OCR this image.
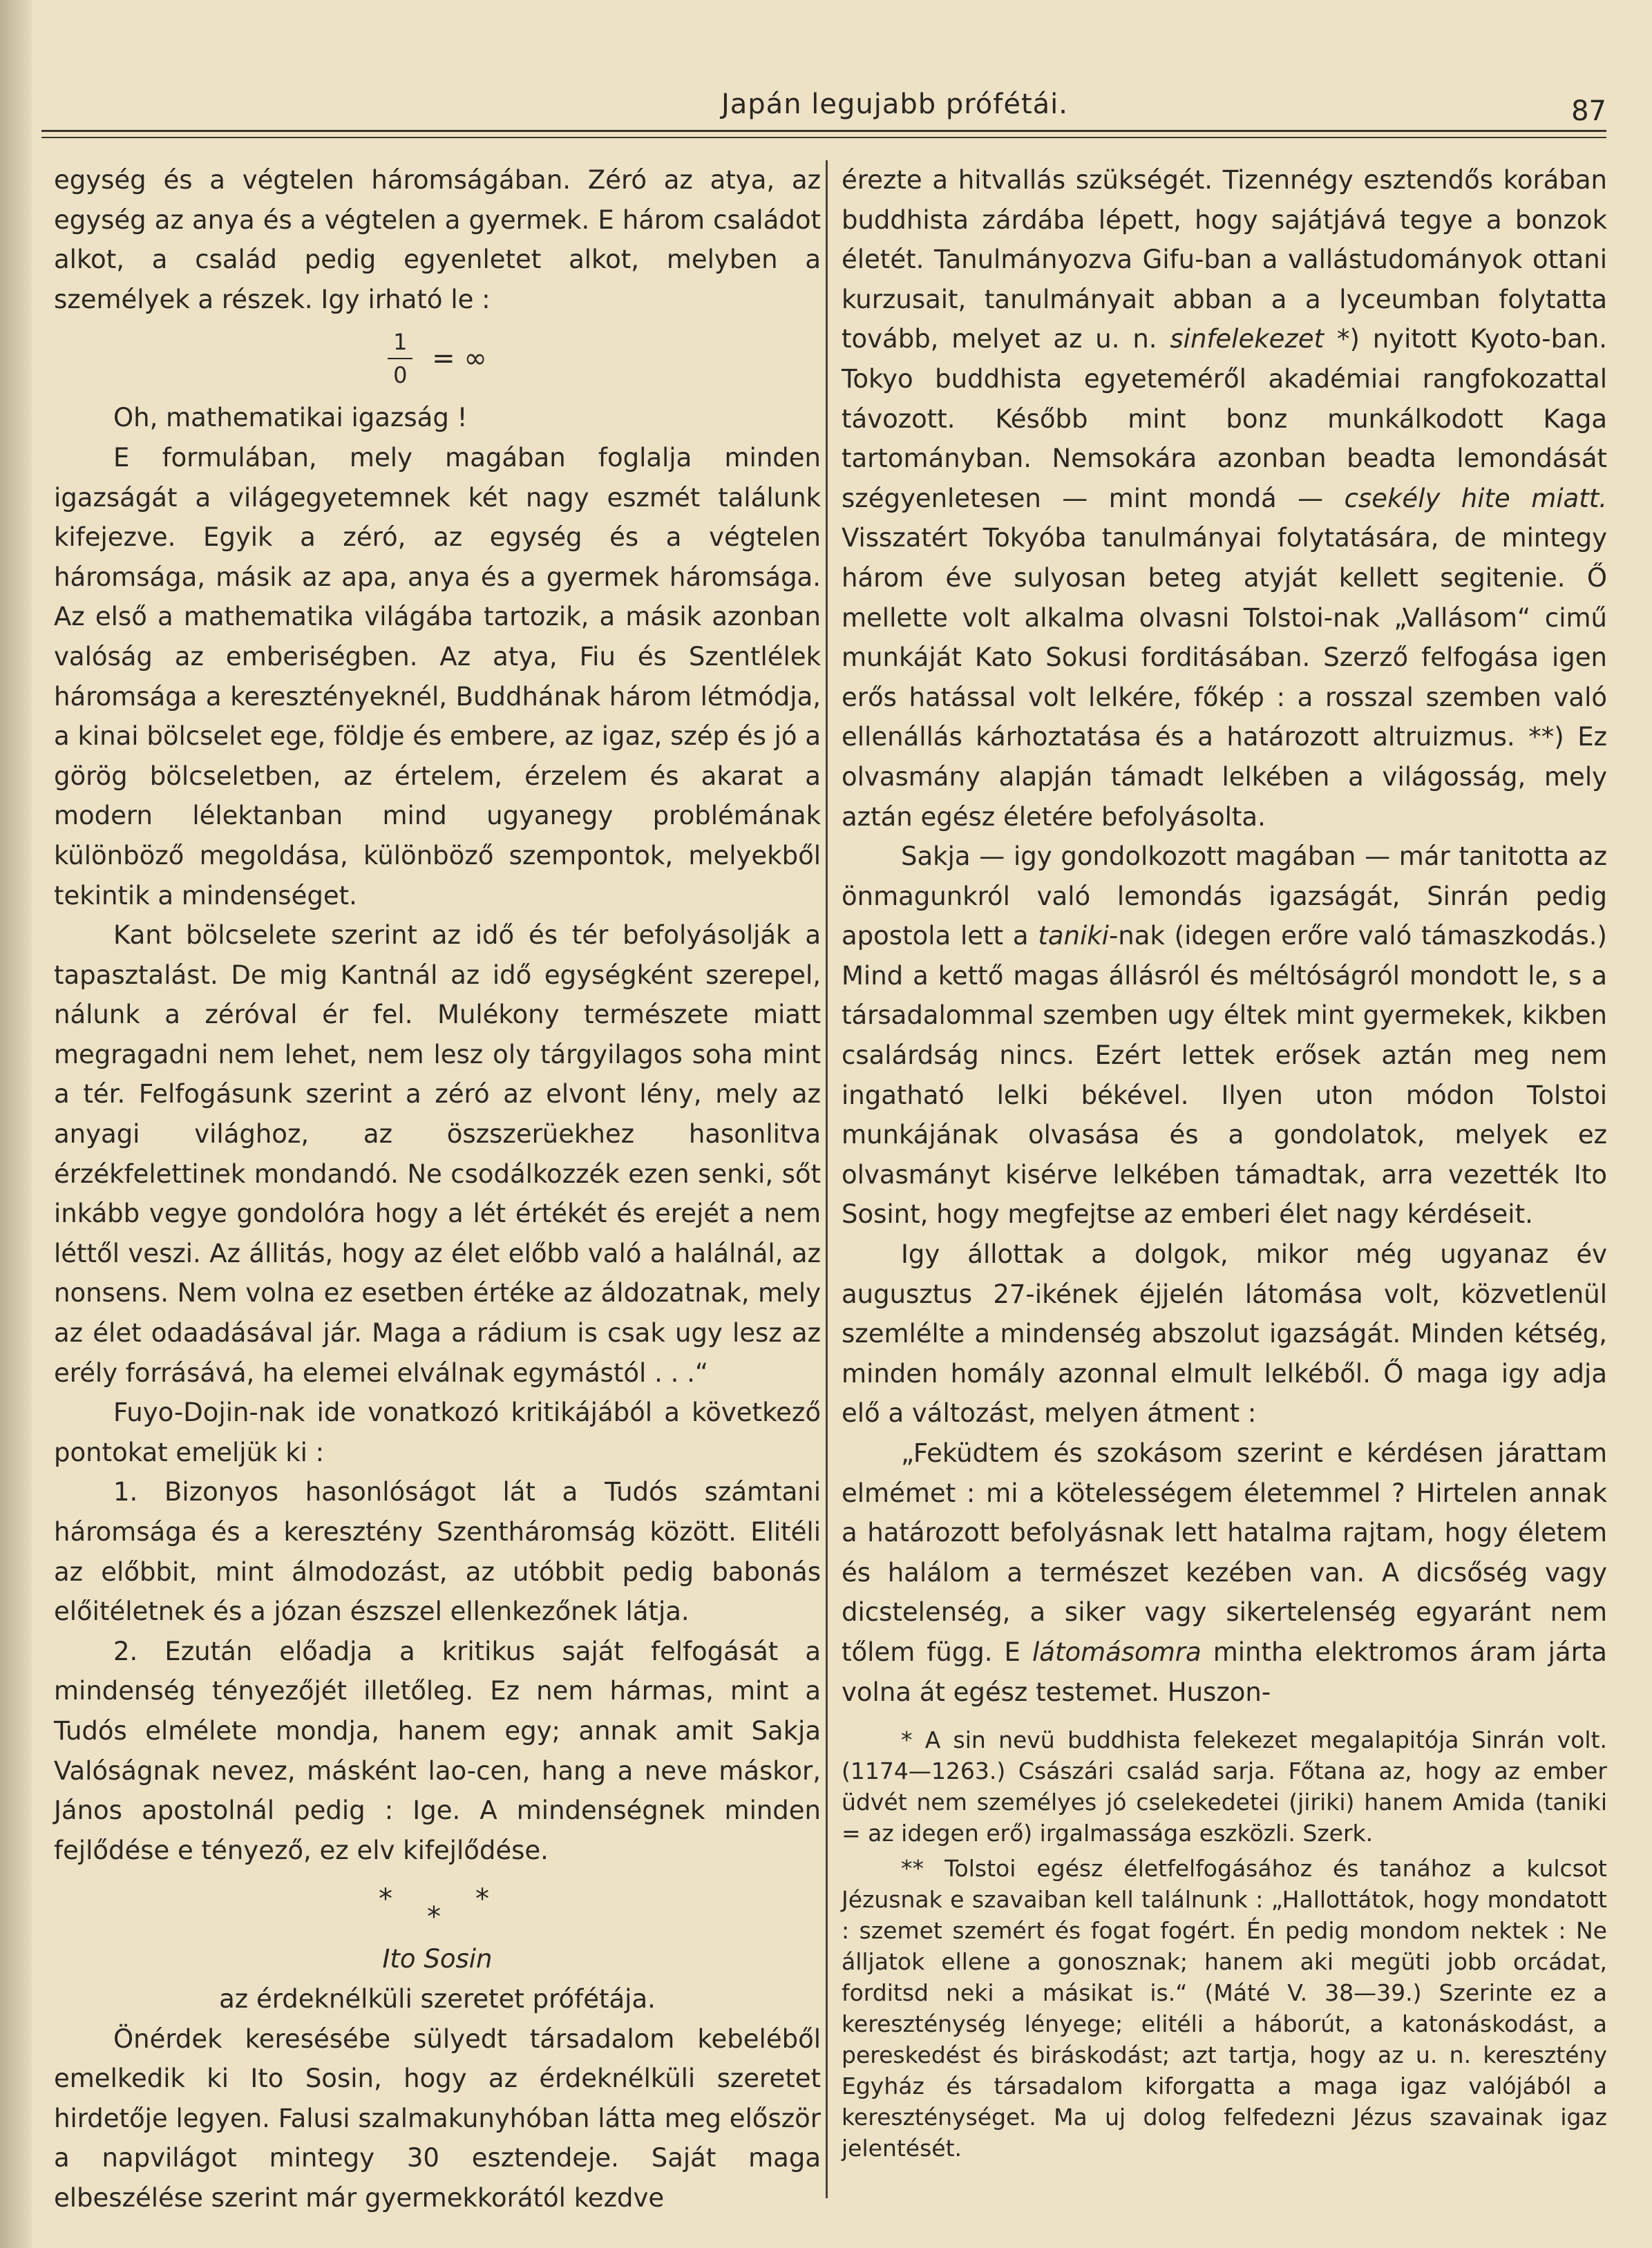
Japán legujabb prófétái.	87

egység és a végtelen háromságában. Zéró az atya, az egység az anya és a végtelen a gyermek. E három családot alkot, a család pedig egyenletet alkot, melyben a személyek a részek. Igy irható le :

$\frac{1}{0}$ = ∞

Oh, mathematikai igazság !

E formulában, mely magában foglalja minden igazságát a világegyetemnek két nagy eszmét találunk kifejezve. Egyik a zéró, az egység és a végtelen háromsága, másik az apa, anya és a gyermek háromsága. Az első a mathematika világába tartozik, a másik azonban valóság az emberiségben. Az atya, Fiu és Szentlélek háromsága a keresztényeknél, Buddhának három létmódja, a kinai bölcselet ege, földje és embere, az igaz, szép és jó a görög bölcseletben, az értelem, érzelem és akarat a modern lélektanban mind ugyanegy problémának különböző megoldása, különböző szempontok, melyekből tekintik a mindenséget.

Kant bölcselete szerint az idő és tér befolyásolják a tapasztalást. De mig Kantnál az idő egységként szerepel, nálunk a zéróval ér fel. Mulékony természete miatt megragadni nem lehet, nem lesz oly tárgyilagos soha mint a tér. Felfogásunk szerint a zéró az elvont lény, mely az anyagi világhoz, az öszszerüekhez hasonlitva érzékfelettinek mondandó. Ne csodálkozzék ezen senki, sőt inkább vegye gondolóra hogy a lét értékét és erejét a nem léttől veszi. Az állitás, hogy az élet előbb való a halálnál, az nonsens. Nem volna ez esetben értéke az áldozatnak, mely az élet odaadásával jár. Maga a rádium is csak ugy lesz az erély forrásává, ha elemei elválnak egymástól . . .“

Fuyo-Dojin-nak ide vonatkozó kritikájából a következő pontokat emeljük ki :

1. Bizonyos hasonlóságot lát a Tudós számtani háromsága és a keresztény Szentháromság között. Elitéli az előbbit, mint álmodozást, az utóbbit pedig babonás előitéletnek és a józan észszel ellenkezőnek látja.

2. Ezután előadja a kritikus saját felfogását a mindenség tényezőjét illetőleg. Ez nem hármas, mint a Tudós elmélete mondja, hanem egy; annak amit Sakja Valóságnak nevez, másként lao-cen, hang a neve máskor, János apostolnál pedig : Ige. A mindenségnek minden fejlődése e tényező, ez elv kifejlődése.

*
*
*

Ito Sosin

az érdeknélküli szeretet prófétája.

Önérdek keresésébe sülyedt társadalom kebeléből emelkedik ki Ito Sosin, hogy az érdeknélküli szeretet hirdetője legyen. Falusi szalmakunyhóban látta meg először a napvilágot mintegy 30 esztendeje. Saját maga elbeszélése szerint már gyermekkorától kezdve

érezte a hitvallás szükségét. Tizennégy esztendős korában buddhista zárdába lépett, hogy sajátjává tegye a bonzok életét. Tanulmányozva Gifu-ban a vallástudományok ottani kurzusait, tanulmányait abban a a lyceumban folytatta tovább, melyet az u. n. sinfelekezet *) nyitott Kyoto-ban. Tokyo buddhista egyeteméről akadémiai rangfokozattal távozott. Később mint bonz munkálkodott Kaga tartományban. Nemsokára azonban beadta lemondását szégyenletesen — mint mondá — csekély hite miatt. Visszatért Tokyóba tanulmányai folytatására, de mintegy három éve sulyosan beteg atyját kellett segitenie. Ő mellette volt alkalma olvasni Tolstoi-nak „Vallásom“ cimű munkáját Kato Sokusi forditásában. Szerző felfogása igen erős hatással volt lelkére, főkép : a rosszal szemben való ellenállás kárhoztatása és a határozott altruizmus. **) Ez olvasmány alapján támadt lelkében a világosság, mely aztán egész életére befolyásolta.

Sakja — igy gondolkozott magában — már tanitotta az önmagunkról való lemondás igazságát, Sinrán pedig apostola lett a taniki-nak (idegen erőre való támaszkodás.) Mind a kettő magas állásról és méltóságról mondott le, s a társadalommal szemben ugy éltek mint gyermekek, kikben csalárdság nincs. Ezért lettek erősek aztán meg nem ingatható lelki békével. Ilyen uton módon Tolstoi munkájának olvasása és a gondolatok, melyek ez olvasmányt kisérve lelkében támadtak, arra vezették Ito Sosint, hogy megfejtse az emberi élet nagy kérdéseit.

Igy állottak a dolgok, mikor még ugyanaz év augusztus 27-ikének éjjelén látomása volt, közvetlenül szemlélte a mindenség abszolut igazságát. Minden kétség, minden homály azonnal elmult lelkéből. Ő maga igy adja elő a változást, melyen átment :

„Feküdtem és szokásom szerint e kérdésen járattam elmémet : mi a kötelességem életemmel ? Hirtelen annak a határozott befolyásnak lett hatalma rajtam, hogy életem és halálom a természet kezében van. A dicsőség vagy dicstelenség, a siker vagy sikertelenség egyaránt nem tőlem függ. E látomásomra mintha elektromos áram járta volna át egész testemet. Huszon-

* A sin nevü buddhista felekezet megalapitója Sinrán volt. (1174—1263.) Császári család sarja. Főtana az, hogy az ember üdvét nem személyes jó cselekedetei (jiriki) hanem Amida (taniki = az idegen erő) irgalmassága eszközli. Szerk.

** Tolstoi egész életfelfogásához és tanához a kulcsot Jézusnak e szavaiban kell találnunk : „Hallottátok, hogy mondatott : szemet szemért és fogat fogért. Én pedig mondom nektek : Ne álljatok ellene a gonosznak; hanem aki megüti jobb orcádat, forditsd neki a másikat is.“ (Máté V. 38—39.) Szerinte ez a kereszténység lényege; elitéli a háborút, a katonáskodást, a pereskedést és biráskodást; azt tartja, hogy az u. n. keresztény Egyház és társadalom kiforgatta a maga igaz valójából a kereszténységet. Ma uj dolog felfedezni Jézus szavainak igaz jelentését.
